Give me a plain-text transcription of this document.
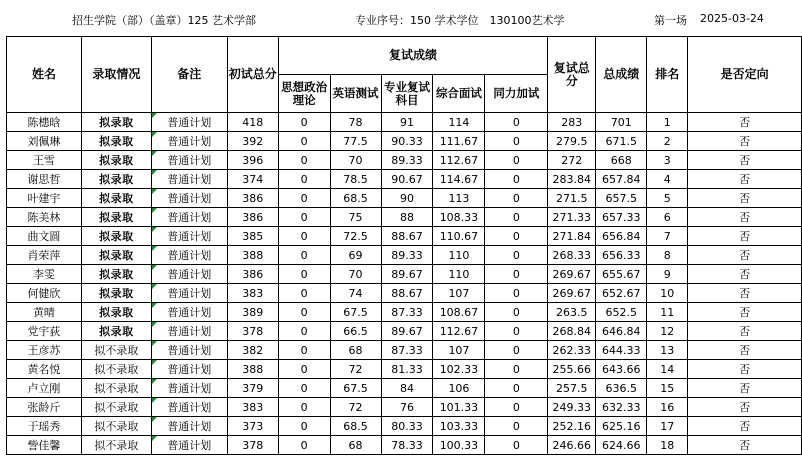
招生学院（部）（盖章）125 艺术学部	专业序号：150 学术学位　130100艺术学	第一场 2025-03-24
姓名	录取情况	备注	初试总分	复试成绩					复试总分	总成绩	排名	是否定向
				思想政治理论	英语测试	专业复试科目	综合面试	同力加试				
陈槵晗	拟录取	普通计划	418	0	78	91	114	0	283	701	1	否
刘佩琳	拟录取	普通计划	392	0	77.5	90.33	111.67	0	279.5	671.5	2	否
王雪	拟录取	普通计划	396	0	70	89.33	112.67	0	272	668	3	否
谢思哲	拟录取	普通计划	374	0	78.5	90.67	114.67	0	283.84	657.84	4	否
叶建宇	拟录取	普通计划	386	0	68.5	90	113	0	271.5	657.5	5	否
陈美林	拟录取	普通计划	386	0	75	88	108.33	0	271.33	657.33	6	否
曲文圆	拟录取	普通计划	385	0	72.5	88.67	110.67	0	271.84	656.84	7	否
肖荣萍	拟录取	普通计划	388	0	69	89.33	110	0	268.33	656.33	8	否
李雯	拟录取	普通计划	386	0	70	89.67	110	0	269.67	655.67	9	否
何健欣	拟录取	普通计划	383	0	74	88.67	107	0	269.67	652.67	10	否
黄晴	拟录取	普通计划	389	0	67.5	87.33	108.67	0	263.5	652.5	11	否
党宇荻	拟录取	普通计划	378	0	66.5	89.67	112.67	0	268.84	646.84	12	否
王彦苏	拟不录取	普通计划	382	0	68	87.33	107	0	262.33	644.33	13	否
黄名悦	拟不录取	普通计划	388	0	72	81.33	102.33	0	255.66	643.66	14	否
卢立刚	拟不录取	普通计划	379	0	67.5	84	106	0	257.5	636.5	15	否
张龄斤	拟不录取	普通计划	383	0	72	76	101.33	0	249.33	632.33	16	否
于瑶秀	拟不录取	普通计划	373	0	68.5	80.33	103.33	0	252.16	625.16	17	否
訾佳馨	拟不录取	普通计划	378	0	68	78.33	100.33	0	246.66	624.66	18	否
